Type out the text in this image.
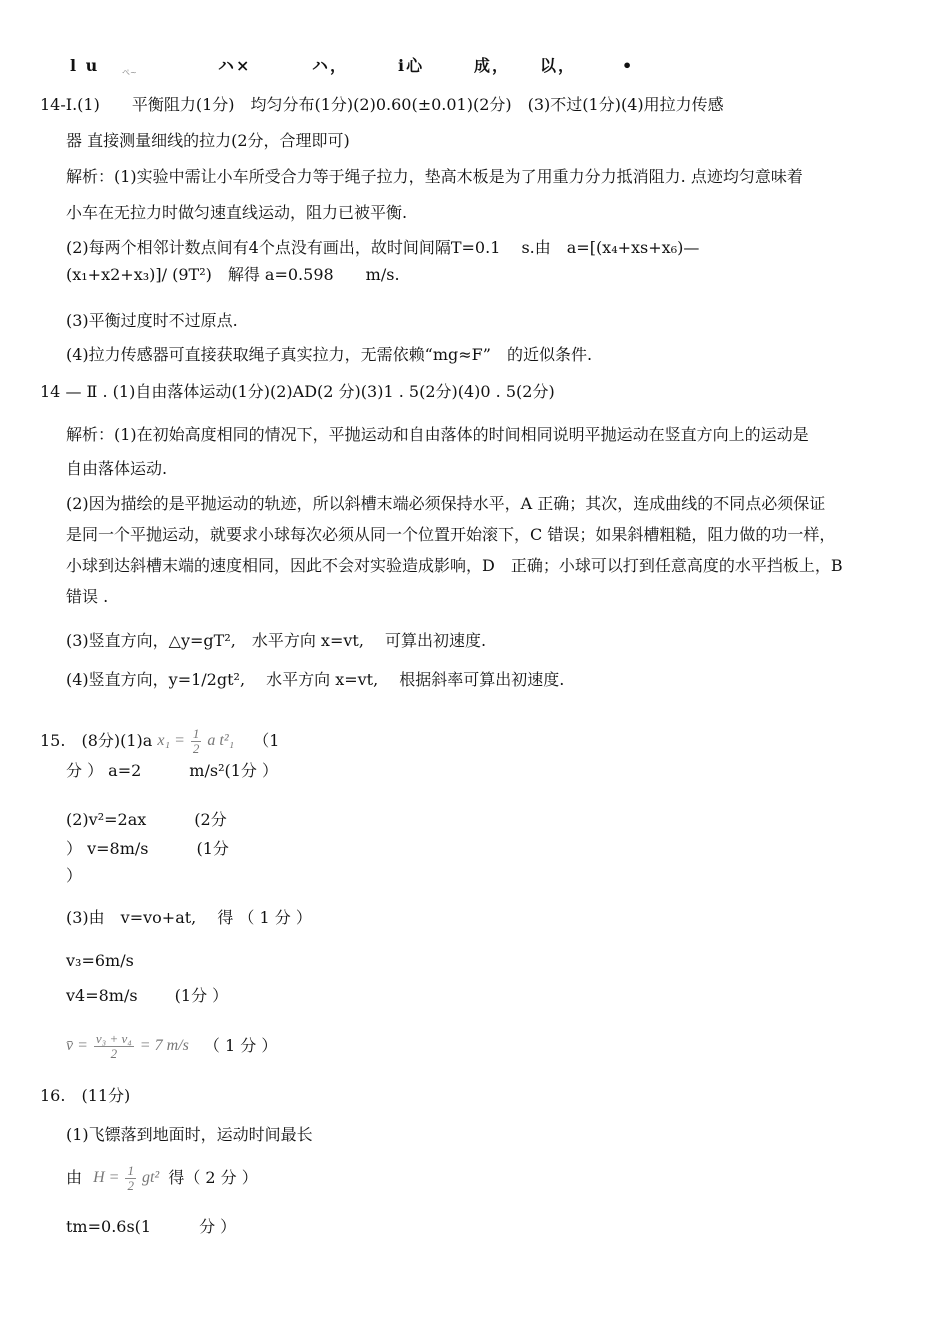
l u	ぺ~	ハ×	ハ，	i心	成， 以，	•
14-I.(1)　　平衡阻力(1分)　均匀分布(1分)(2)0.60(±0.01)(2分)　(3)不过(1分)(4)用拉力传感
器 直接测量细线的拉力(2分，合理即可)
解析：(1)实验中需让小车所受合力等于绳子拉力，垫高木板是为了用重力分力抵消阻力. 点迹均匀意味着
小车在无拉力时做匀速直线运动，阻力已被平衡.
(2)每两个相邻计数点间有4个点没有画出，故时间间隔T=0.1　 s.由　a=[(x₄+xs+x₆)—
(x₁+x2+x₃)]/ (9T²)　解得 a=0.598　　m/s.
(3)平衡过度时不过原点.
(4)拉力传感器可直接获取绳子真实拉力，无需依赖“mg≈F”　的近似条件.
14 — Ⅱ . (1)自由落体运动(1分)(2)AD(2 分)(3)1 . 5(2分)(4)0 . 5(2分)
解析：(1)在初始高度相同的情况下，平抛运动和自由落体的时间相同说明平抛运动在竖直方向上的运动是
自由落体运动.
(2)因为描绘的是平抛运动的轨迹，所以斜槽末端必须保持水平，A 正确；其次，连成曲线的不同点必须保证
是同一个平抛运动，就要求小球每次必须从同一个位置开始滚下，C 错误；如果斜槽粗糙，阻力做的功一样，
小球到达斜槽末端的速度相同，因此不会对实验造成影响，D　正确；小球可以打到任意高度的水平挡板上，B
错误 .
(3)竖直方向，△y=gT²,　水平方向 x=vt,　 可算出初速度.
(4)竖直方向，y=1/2gt²,　 水平方向 x=vt,　 根据斜率可算出初速度.
15.　(8分)(1)a $x_1 = \frac{1}{2}$ a t²₁ （1
分 ） a=2　　　m/s²(1分 ）
(2)v²=2ax　　　(2分
） v=8m/s　　　(1分
）
(3)由　v=vo+at,　 得 （ 1 分 ）
v₃=6m/s
v4=8m/s　　 (1分 ）
v̄ = $\frac{\text{v₃ + v₄}}{2} = 7$ m/s （ 1 分 ）
16.　(11分)
(1)飞镖落到地面时，运动时间最长
由 $H = \frac{1}{2} gt^2$ 得（ 2 分 ）
tm=0.6s(1　　　分 ）
